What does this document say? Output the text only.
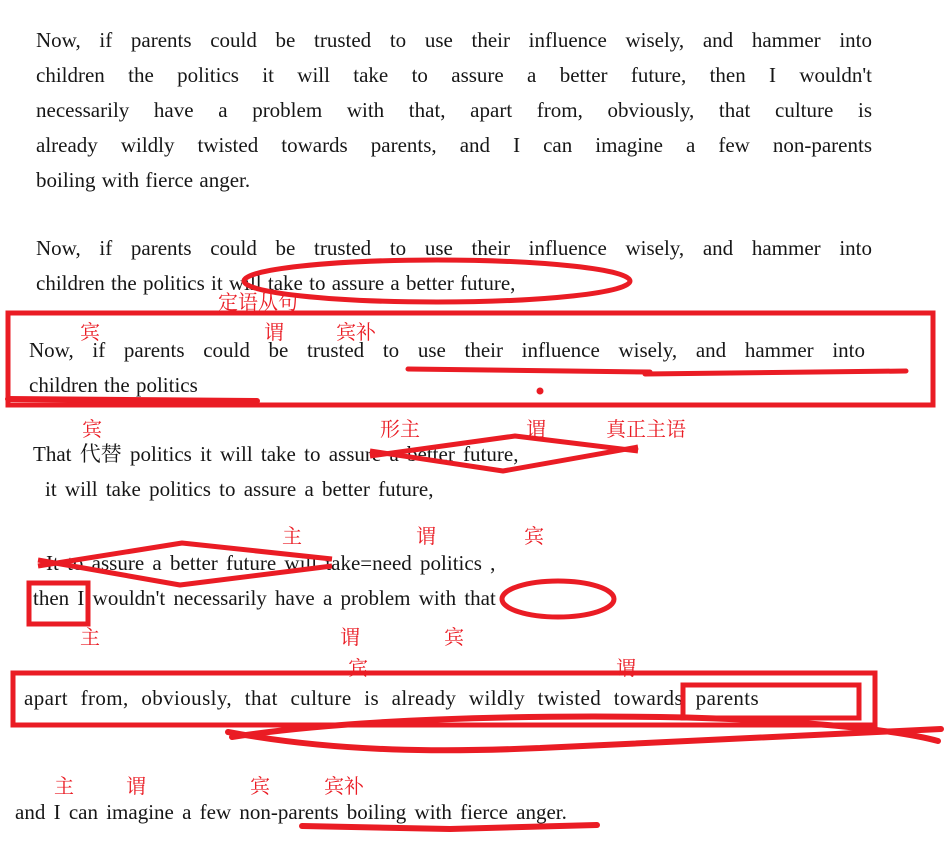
Now, if parents could be trusted to use their influence wisely, and hammer into
children the politics it will take to assure a better future, then I wouldn't
necessarily have a problem with that, apart from, obviously, that culture is
already wildly twisted towards parents, and I can imagine a few non-parents
boiling with fierce anger.
Now, if parents could be trusted to use their influence wisely, and hammer into
children the politics it will take to assure a better future,
定语从句
Now, if parents could be trusted to use their influence wisely, and hammer into
children the politics
宾	谓	宾补
宾	形主	谓	真正主语
That 代替 politics it will take to assure a better future,
it will take politics to assure a better future,
主	谓	宾
It to assure a better future will take=need politics ,
then I wouldn't necessarily have a problem with that
主	谓	宾
宾	谓
apart from, obviously, that culture is already wildly twisted towards parents
主	谓	宾	宾补
and I can imagine a few non-parents boiling with fierce anger.
